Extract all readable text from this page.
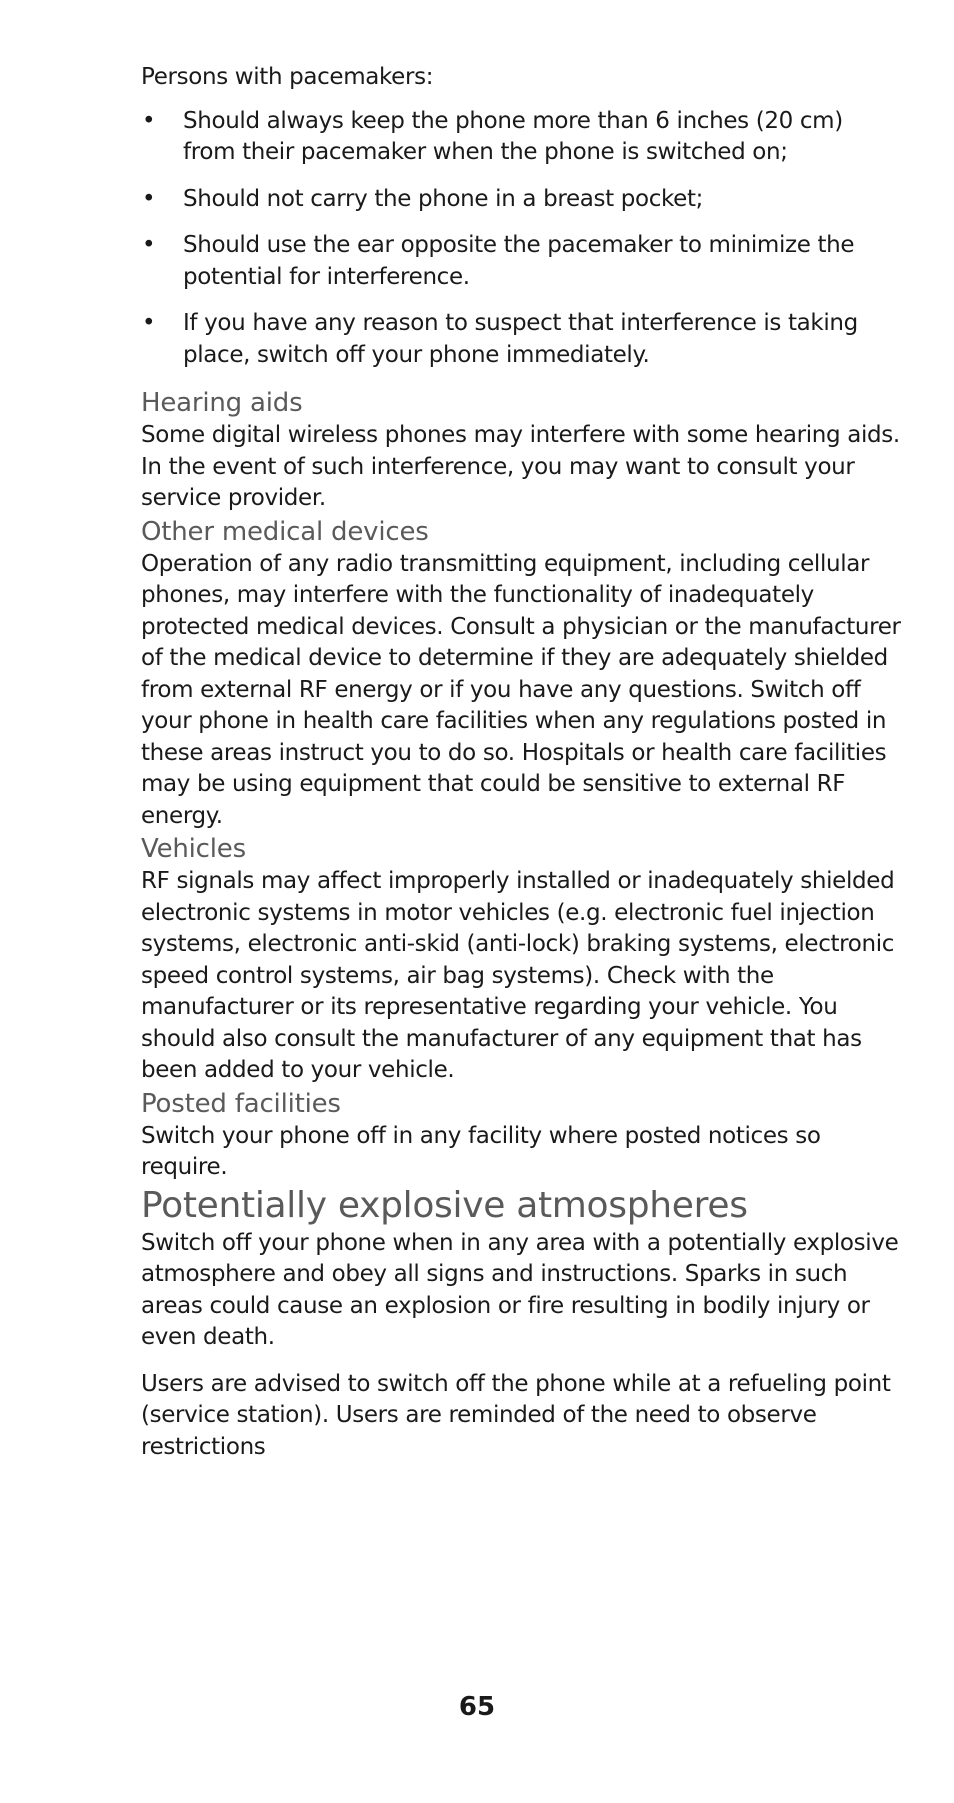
Persons with pacemakers:

• Should always keep the phone more than 6 inches (20 cm) from their pacemaker when the phone is switched on;
• Should not carry the phone in a breast pocket;
• Should use the ear opposite the pacemaker to minimize the potential for interference.
• If you have any reason to suspect that interference is taking place, switch off your phone immediately.
Hearing aids

Some digital wireless phones may interfere with some hearing aids. In the event of such interference, you may want to consult your service provider.

Other medical devices

Operation of any radio transmitting equipment, including cellular phones, may interfere with the functionality of inadequately protected medical devices. Consult a physician or the manufacturer of the medical device to determine if they are adequately shielded from external RF energy or if you have any questions. Switch off your phone in health care facilities when any regulations posted in these areas instruct you to do so. Hospitals or health care facilities may be using equipment that could be sensitive to external RF energy.

Vehicles

RF signals may affect improperly installed or inadequately shielded electronic systems in motor vehicles (e.g. electronic fuel injection systems, electronic anti-skid (anti-lock) braking systems, electronic speed control systems, air bag systems). Check with the manufacturer or its representative regarding your vehicle. You should also consult the manufacturer of any equipment that has been added to your vehicle.

Posted facilities

Switch your phone off in any facility where posted notices so require.

Potentially explosive atmospheres

Switch off your phone when in any area with a potentially explosive atmosphere and obey all signs and instructions. Sparks in such areas could cause an explosion or fire resulting in bodily injury or even death.

Users are advised to switch off the phone while at a refueling point (service station). Users are reminded of the need to observe restrictions

65
